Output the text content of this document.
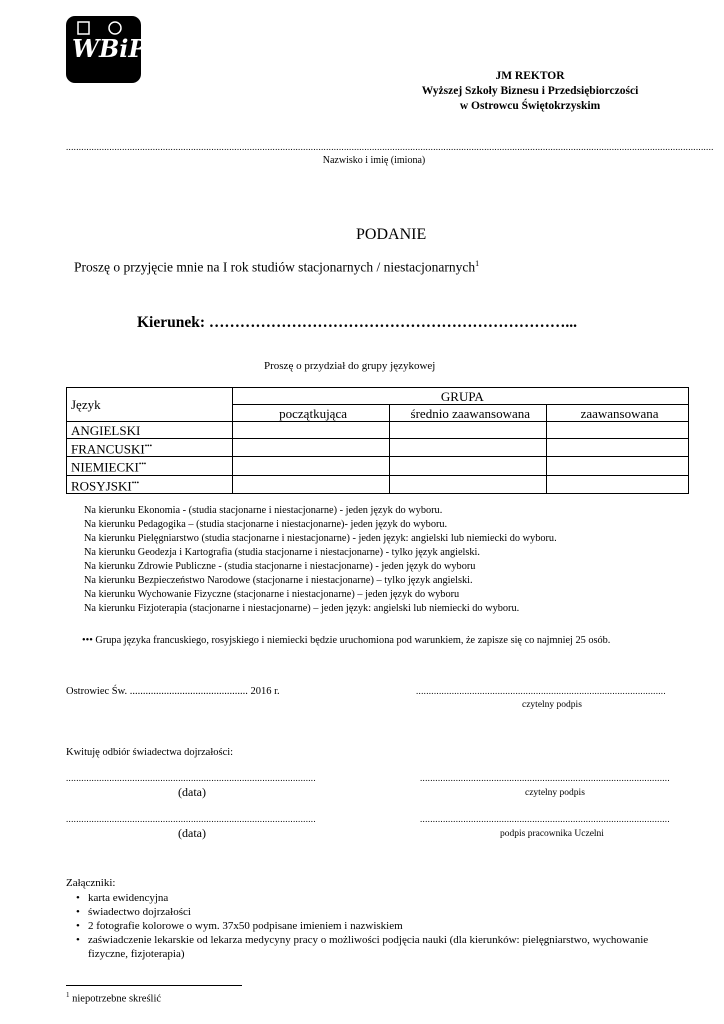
WBiP
JM REKTOR
Wyższej Szkoły Biznesu i Przedsiębiorczości
w Ostrowcu Świętokrzyskim
..............................................................................................................................................................................................................................................................
Nazwisko i imię (imiona)
PODANIE
Proszę o przyjęcie mnie na I rok studiów stacjonarnych / niestacjonarnych$^1$
Kierunek: ……………………………………………………………...
Proszę o przydział do grupy językowej
Język	GRUPA		
	początkująca	średnio zaawansowana	zaawansowana
ANGIELSKI			
FRANCUSKI•••			
NIEMIECKI•••			
ROSYJSKI•••			
Na kierunku Ekonomia - (studia stacjonarne i niestacjonarne) - jeden język do wyboru.
Na kierunku Pedagogika – (studia stacjonarne i niestacjonarne)- jeden język do wyboru.
Na kierunku Pielęgniarstwo (studia stacjonarne i niestacjonarne) - jeden język: angielski lub niemiecki do wyboru.
Na kierunku Geodezja i Kartografia (studia stacjonarne i niestacjonarne) - tylko język angielski.
Na kierunku Zdrowie Publiczne - (studia stacjonarne i niestacjonarne) - jeden język do wyboru
Na kierunku Bezpieczeństwo Narodowe (stacjonarne i niestacjonarne) – tylko język angielski.
Na kierunku Wychowanie Fizyczne (stacjonarne i niestacjonarne) – jeden język do wyboru
Na kierunku Fizjoterapia (stacjonarne i niestacjonarne) – jeden język: angielski lub niemiecki do wyboru.
••• Grupa języka francuskiego, rosyjskiego i niemiecki będzie uruchomiona pod warunkiem, że zapisze się co najmniej 25 osób.
Ostrowiec Św. ............................................. 2016 r.	..................................................................................................
czytelny podpis
Kwituję odbiór świadectwa dojrzałości:
..................................................................................................	..................................................................................................
(data)	czytelny podpis
..................................................................................................	..................................................................................................
(data)	podpis pracownika Uczelni
Załączniki:
• karta ewidencyjna
• świadectwo dojrzałości
• 2 fotografie kolorowe o wym. 37x50 podpisane imieniem i nazwiskiem
• zaświadczenie lekarskie od lekarza medycyny pracy o możliwości podjęcia nauki (dla kierunków: pielęgniarstwo, wychowanie fizyczne, fizjoterapia)
$^1$ niepotrzebne skreślić
